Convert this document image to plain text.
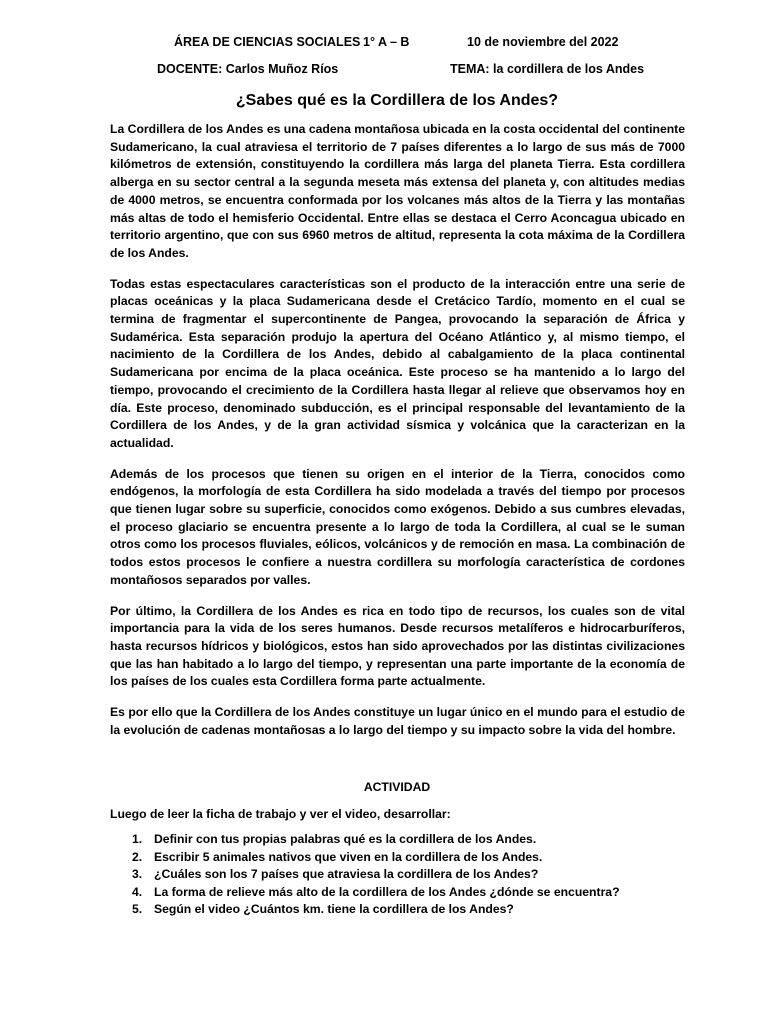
ÁREA DE CIENCIAS SOCIALES 1° A – B	10 de noviembre del 2022
DOCENTE: Carlos Muñoz Ríos	TEMA: la cordillera de los Andes
¿Sabes qué es la Cordillera de los Andes?

La Cordillera de los Andes es una cadena montañosa ubicada en la costa occidental del continente Sudamericano, la cual atraviesa el territorio de 7 países diferentes a lo largo de sus más de 7000 kilómetros de extensión, constituyendo la cordillera más larga del planeta Tierra. Esta cordillera alberga en su sector central a la segunda meseta más extensa del planeta y, con altitudes medias de 4000 metros, se encuentra conformada por los volcanes más altos de la Tierra y las montañas más altas de todo el hemisferio Occidental. Entre ellas se destaca el Cerro Aconcagua ubicado en territorio argentino, que con sus 6960 metros de altitud, representa la cota máxima de la Cordillera de los Andes.

Todas estas espectaculares características son el producto de la interacción entre una serie de placas oceánicas y la placa Sudamericana desde el Cretácico Tardío, momento en el cual se termina de fragmentar el supercontinente de Pangea, provocando la separación de África y Sudamérica. Esta separación produjo la apertura del Océano Atlántico y, al mismo tiempo, el nacimiento de la Cordillera de los Andes, debido al cabalgamiento de la placa continental Sudamericana por encima de la placa oceánica. Este proceso se ha mantenido a lo largo del tiempo, provocando el crecimiento de la Cordillera hasta llegar al relieve que observamos hoy en día. Este proceso, denominado subducción, es el principal responsable del levantamiento de la Cordillera de los Andes, y de la gran actividad sísmica y volcánica que la caracterizan en la actualidad.

Además de los procesos que tienen su origen en el interior de la Tierra, conocidos como endógenos, la morfología de esta Cordillera ha sido modelada a través del tiempo por procesos que tienen lugar sobre su superficie, conocidos como exógenos. Debido a sus cumbres elevadas, el proceso glaciario se encuentra presente a lo largo de toda la Cordillera, al cual se le suman otros como los procesos fluviales, eólicos, volcánicos y de remoción en masa. La combinación de todos estos procesos le confiere a nuestra cordillera su morfología característica de cordones montañosos separados por valles.

Por último, la Cordillera de los Andes es rica en todo tipo de recursos, los cuales son de vital importancia para la vida de los seres humanos. Desde recursos metalíferos e hidrocarburíferos, hasta recursos hídricos y biológicos, estos han sido aprovechados por las distintas civilizaciones que las han habitado a lo largo del tiempo, y representan una parte importante de la economía de los países de los cuales esta Cordillera forma parte actualmente.

Es por ello que la Cordillera de los Andes constituye un lugar único en el mundo para el estudio de la evolución de cadenas montañosas a lo largo del tiempo y su impacto sobre la vida del hombre.

ACTIVIDAD
Luego de leer la ficha de trabajo y ver el video, desarrollar:
1. Definir con tus propias palabras qué es la cordillera de los Andes.
2. Escribir 5 animales nativos que viven en la cordillera de los Andes.
3. ¿Cuáles son los 7 países que atraviesa la cordillera de los Andes?
4. La forma de relieve más alto de la cordillera de los Andes ¿dónde se encuentra?
5. Según el video ¿Cuántos km. tiene la cordillera de los Andes?
